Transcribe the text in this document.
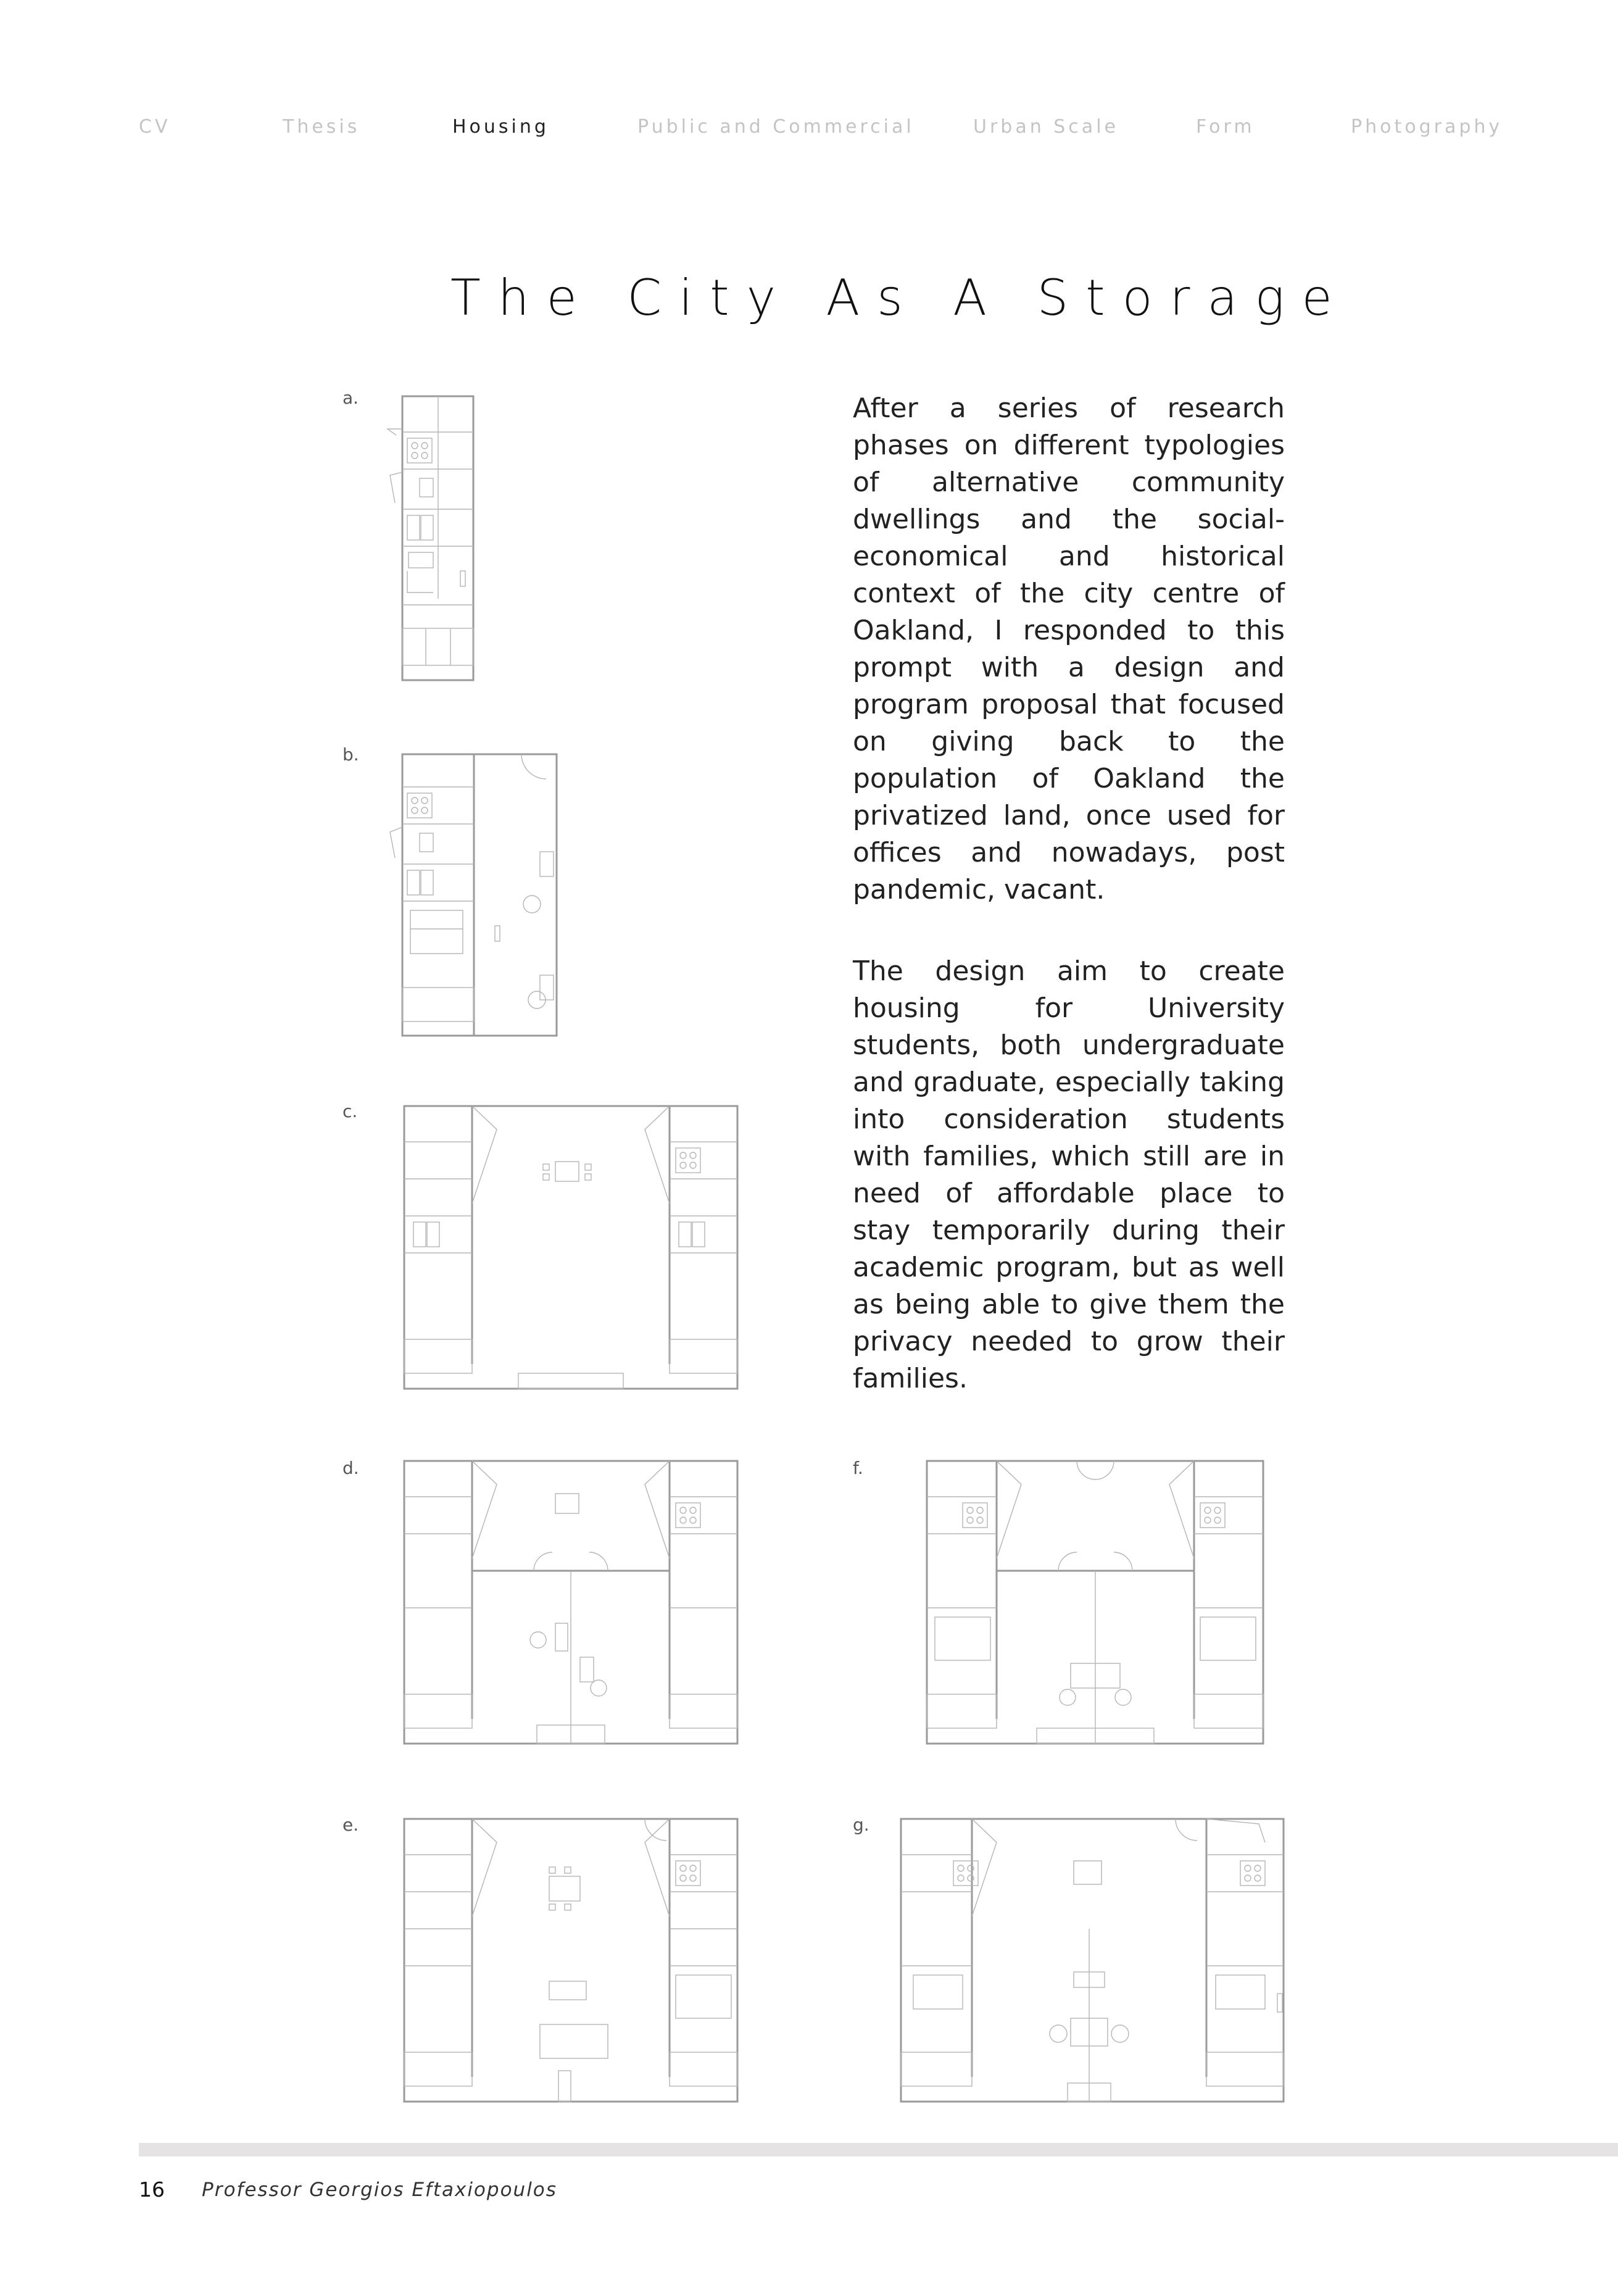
CV	Thesis	Housing	Public and Commercial	Urban Scale	Form	Photography
The City As A Storage
a.
b.
c.
d.
e.
f.
g.

After a series of research phases on different typologies of alternative community dwellings and the social-economical and historical context of the city centre of Oakland, I responded to this prompt with a design and program proposal that focused on giving back to the population of Oakland the privatized land, once used for offices and nowadays, post pandemic, vacant.

The design aim to create housing for University students, both undergraduate and graduate, especially taking into consideration students with families, which still are in need of affordable place to stay temporarily during their academic program, but as well as being able to give them the privacy needed to grow their families.

16 Professor Georgios Eftaxiopoulos
